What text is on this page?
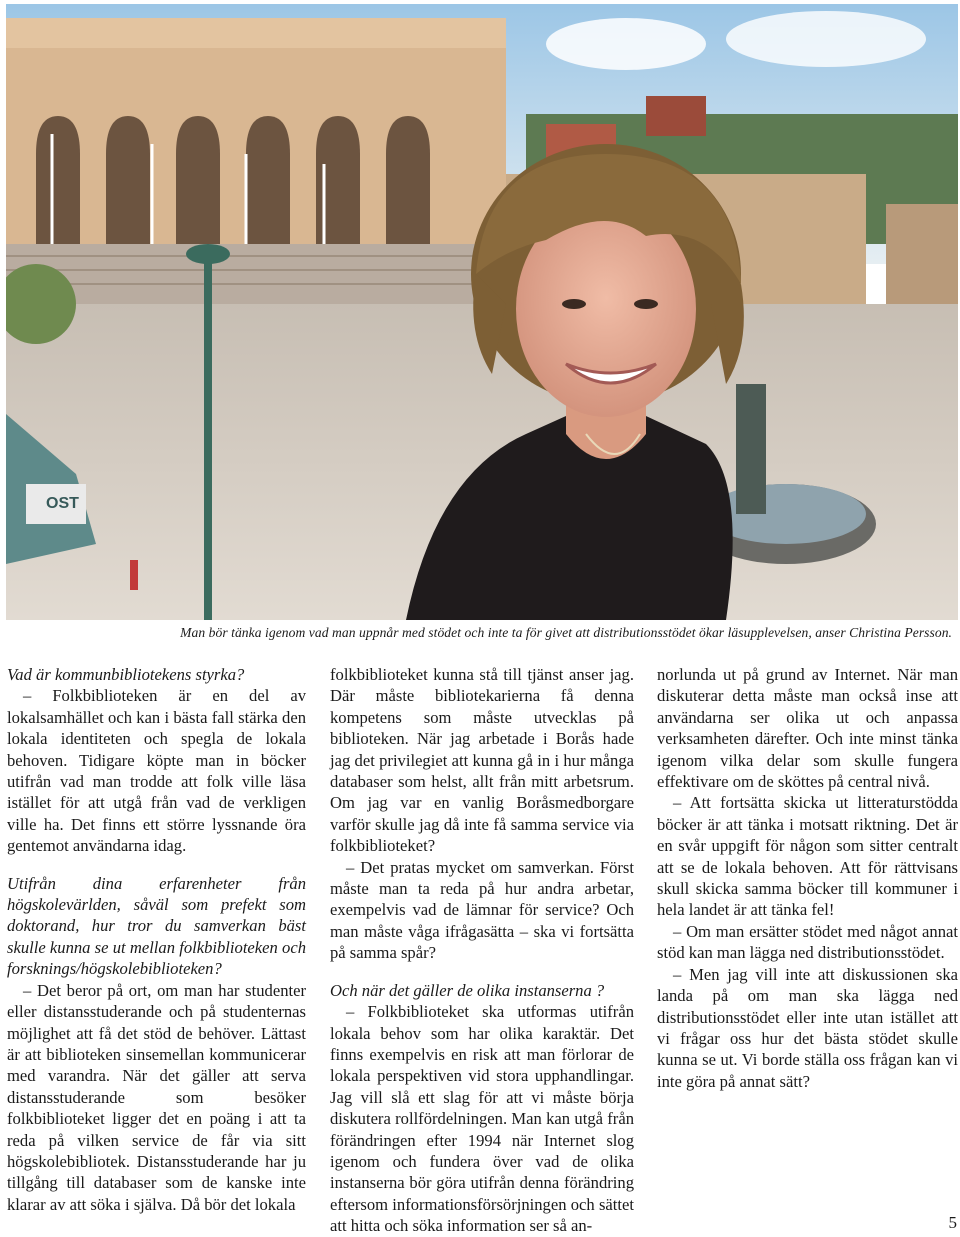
OST

Man bör tänka igenom vad man uppnår med stödet och inte ta för givet att distributionsstödet ökar läsupplevelsen, anser Christina Persson.

Vad är kommunbibliotekens styrka?

– Folkbiblioteken är en del av lokalsamhället och kan i bästa fall stärka den lokala identiteten och spegla de lokala behoven. Tidigare köpte man in böcker utifrån vad man trodde att folk ville läsa istället för att utgå från vad de verkligen ville ha. Det finns ett större lyssnande öra gentemot användarna idag.

Utifrån dina erfarenheter från högskolevärlden, såväl som prefekt som doktorand, hur tror du samverkan bäst skulle kunna se ut mellan folkbiblioteken och forsknings/högskolebiblioteken?

– Det beror på ort, om man har studenter eller distansstuderande och på studenternas möjlighet att få det stöd de behöver. Lättast är att biblioteken sinsemellan kommunicerar med varandra. När det gäller att serva distansstuderande som besöker folkbiblioteket ligger det en poäng i att ta reda på vilken service de får via sitt högskolebibliotek. Distansstuderande har ju tillgång till databaser som de kanske inte klarar av att söka i själva. Då bör det lokala

folkbiblioteket kunna stå till tjänst anser jag. Där måste bibliotekarierna få denna kompetens som måste utvecklas på biblioteken. När jag arbetade i Borås hade jag det privilegiet att kunna gå in i hur många databaser som helst, allt från mitt arbetsrum. Om jag var en vanlig Boråsmedborgare varför skulle jag då inte få samma service via folkbiblioteket?

– Det pratas mycket om samverkan. Först måste man ta reda på hur andra arbetar, exempelvis vad de lämnar för service? Och man måste våga ifrågasätta – ska vi fortsätta på samma spår?

Och när det gäller de olika instanserna ?

– Folkbiblioteket ska utformas utifrån lokala behov som har olika karaktär. Det finns exempelvis en risk att man förlorar de lokala perspektiven vid stora upphandlingar. Jag vill slå ett slag för att vi måste börja diskutera rollfördelningen. Man kan utgå från förändringen efter 1994 när Internet slog igenom och fundera över vad de olika instanserna bör göra utifrån denna förändring eftersom informationsförsörjningen och sättet att hitta och söka information ser så an-

norlunda ut på grund av Internet. När man diskuterar detta måste man också inse att användarna ser olika ut och anpassa verksamheten därefter. Och inte minst tänka igenom vilka delar som skulle fungera effektivare om de sköttes på central nivå.

– Att fortsätta skicka ut litteraturstödda böcker är att tänka i motsatt riktning. Det är en svår uppgift för någon som sitter centralt att se de lokala behoven. Att för rättvisans skull skicka samma böcker till kommuner i hela landet är att tänka fel!

– Om man ersätter stödet med något annat stöd kan man lägga ned distributionsstödet.

– Men jag vill inte att diskussionen ska landa på om man ska lägga ned distributionsstödet eller inte utan istället att vi frågar oss hur det bästa stödet skulle kunna se ut. Vi borde ställa oss frågan kan vi inte göra på annat sätt?

5
